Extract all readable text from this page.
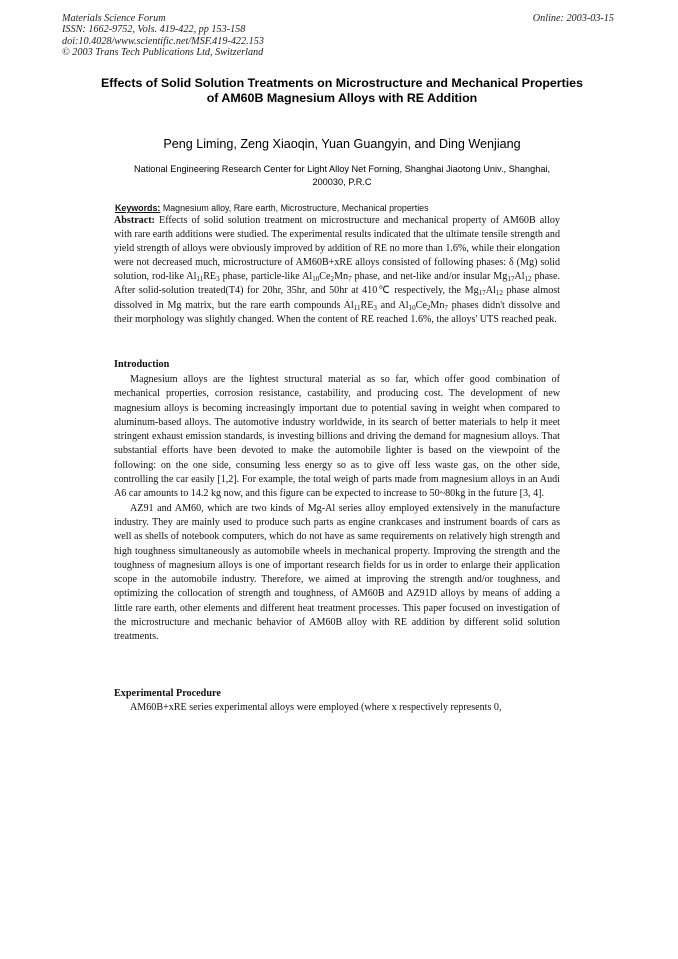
Materials Science Forum
ISSN: 1662-9752, Vols. 419-422, pp 153-158
doi:10.4028/www.scientific.net/MSF.419-422.153
© 2003 Trans Tech Publications Ltd, Switzerland
Online: 2003-03-15
Effects of Solid Solution Treatments on Microstructure and Mechanical Properties of AM60B Magnesium Alloys with RE Addition
Peng Liming, Zeng Xiaoqin, Yuan Guangyin, and Ding Wenjiang
National Engineering Research Center for Light Alloy Net Forning, Shanghai Jiaotong Univ., Shanghai, 200030, P.R.C
Keywords: Magnesium alloy, Rare earth, Microstructure, Mechanical properties
Abstract: Effects of solid solution treatment on microstructure and mechanical property of AM60B alloy with rare earth additions were studied. The experimental results indicated that the ultimate tensile strength and yield strength of alloys were obviously improved by addition of RE no more than 1.6%, while their elongation were not decreased much, microstructure of AM60B+xRE alloys consisted of following phases: δ (Mg) solid solution, rod-like $Al_{11}RE_3$ phase, particle-like $Al_{10}Ce_2Mn_7$ phase, and net-like and/or insular $Mg_{17}Al_{12}$ phase. After solid-solution treated(T4) for 20hr, 35hr, and 50hr at 410℃ respectively, the $Mg_{17}Al_{12}$ phase almost dissolved in Mg matrix, but the rare earth compounds $Al_{11}RE_3$ and $Al_{10}Ce_2Mn_7$ phases didn't dissolve and their morphology was slightly changed. When the content of RE reached 1.6%, the alloys' UTS reached peak.
Introduction

Magnesium alloys are the lightest structural material as so far, which offer good combination of mechanical properties, corrosion resistance, castability, and producing cost. The development of new magnesium alloys is becoming increasingly important due to potential saving in weight when compared to aluminum-based alloys. The automotive industry worldwide, in its search of better materials to help it meet stringent exhaust emission standards, is investing billions and driving the demand for magnesium alloys. That substantial efforts have been devoted to make the automobile lighter is based on the viewpoint of the following: on the one side, consuming less energy so as to give off less waste gas, on the other side, controlling the car easily [1,2]. For example, the total weigh of parts made from magnesium alloys in an Audi A6 car amounts to 14.2 kg now, and this figure can be expected to increase to 50~80kg in the future [3, 4].

AZ91 and AM60, which are two kinds of Mg-Al series alloy employed extensively in the manufacture industry. They are mainly used to produce such parts as engine crankcases and instrument boards of cars as well as shells of notebook computers, which do not have as same requirements on relatively high strength and high toughness simultaneously as automobile wheels in mechanical property. Improving the strength and the toughness of magnesium alloys is one of important research fields for us in order to enlarge their application scope in the automobile industry. Therefore, we aimed at improving the strength and/or toughness, and optimizing the collocation of strength and toughness, of AM60B and AZ91D alloys by means of adding a little rare earth, other elements and different heat treatment processes. This paper focused on investigation of the microstructure and mechanic behavior of AM60B alloy with RE addition by different solid solution treatments.

Experimental Procedure

AM60B+xRE series experimental alloys were employed (where x respectively represents 0,
